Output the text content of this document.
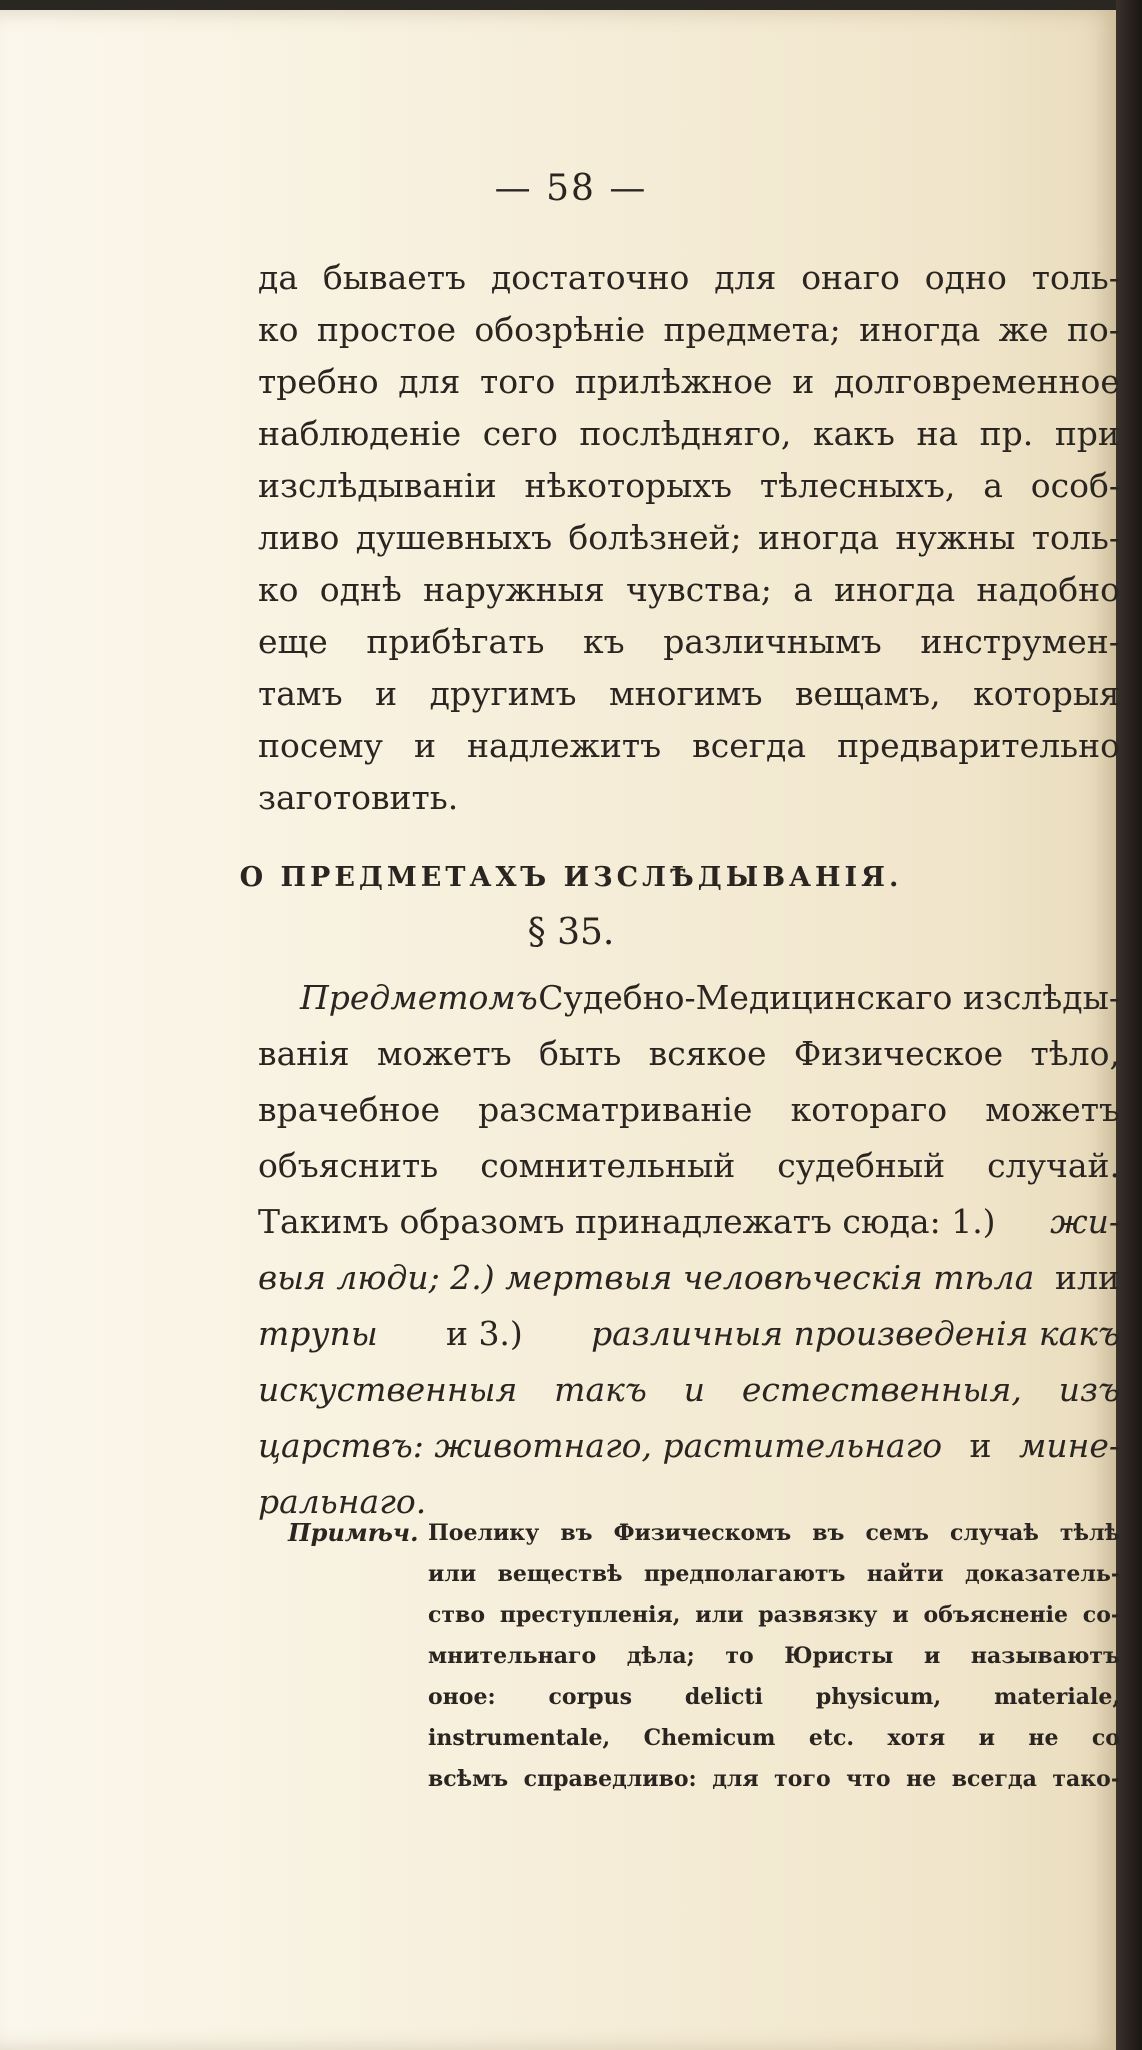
— 58 —
да бываетъ достаточно для онаго одно толь-
ко простое обозрѣніе предмета; иногда же по-
требно для того прилѣжное и долговременное
наблюденіе сего послѣдняго, какъ на пр. при
изслѣдываніи нѣкоторыхъ тѣлесныхъ, а особ-
ливо душевныхъ болѣзней; иногда нужны толь-
ко однѣ наружныя чувства; а иногда надобно
еще прибѣгать къ различнымъ инструмен-
тамъ и другимъ многимъ вещамъ, которыя
посему и надлежитъ всегда предварительно
заготовить.
О ПРЕДМЕТАХЪ ИЗСЛѢДЫВАНІЯ.
§ 35.
Предметомъ Судебно-Медицинскаго изслѣды-
ванія можетъ быть всякое Физическое тѣло,
врачебное разсматриваніе котораго можетъ
объяснить сомнительный судебный случай.
Такимъ образомъ принадлежатъ сюда: 1.) жи-
выя люди; 2.) мертвыя человѣческія тѣла или
трупы и 3.) различныя произведенія какъ
искуственныя такъ и естественныя, изъ
царствъ: животнаго, растительнаго и мине-
ральнаго.
Примѣч. Поелику въ Физическомъ въ семъ случаѣ тѣлѣ
или веществѣ предполагаютъ найти доказатель-
ство преступленія, или развязку и объясненіе со-
мнительнаго дѣла; то Юристы и называютъ
оное: corpus delicti physicum, materiale,
instrumentale, Chemicum etc. хотя и не со
всѣмъ справедливо: для того что не всегда тако-
